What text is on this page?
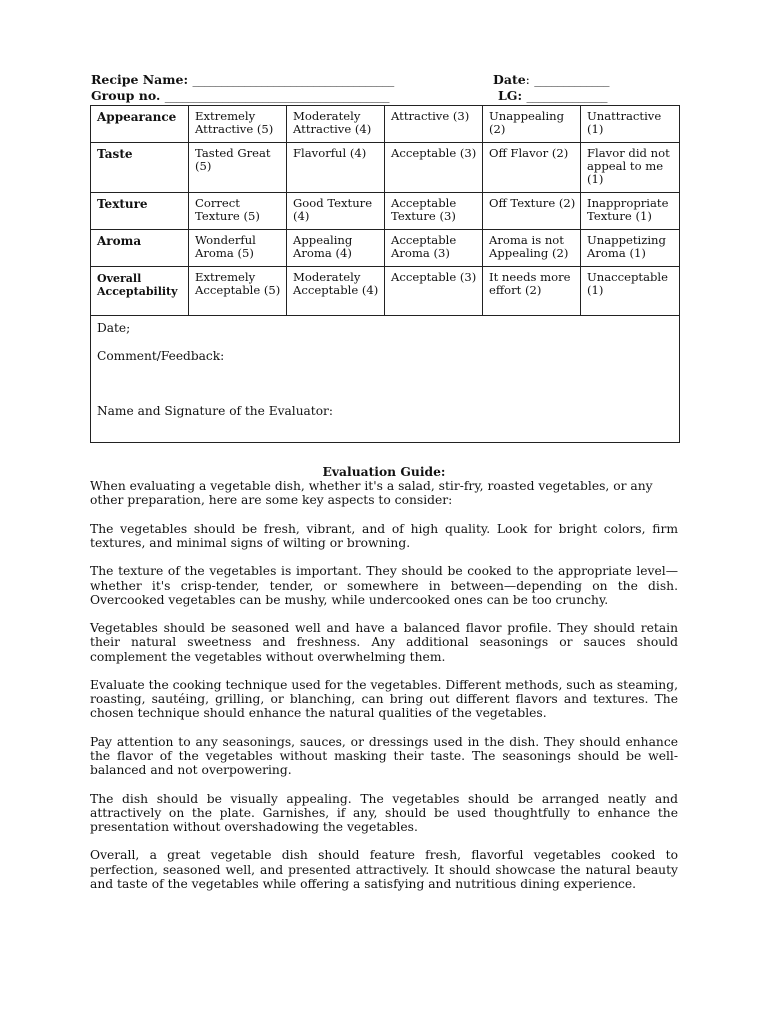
Recipe Name: ___________________________________	Date: _____________
Group no. _______________________________________	LG: ______________
Appearance	Extremely Attractive (5)	Moderately Attractive (4)	Attractive (3)	Unappealing (2)	Unattractive (1)
Taste	Tasted Great (5)	Flavorful (4)	Acceptable (3)	Off Flavor (2)	Flavor did not appeal to me (1)
Texture	Correct Texture (5)	Good Texture (4)	Acceptable Texture (3)	Off Texture (2)	Inappropriate Texture (1)
Aroma	Wonderful Aroma (5)	Appealing Aroma (4)	Acceptable Aroma (3)	Aroma is not Appealing (2)	Unappetizing Aroma (1)
Overall Acceptability	Extremely Acceptable (5)	Moderately Acceptable (4)	Acceptable (3)	It needs more effort (2)	Unacceptable (1)

Date;
Comment/Feedback:
Name and Signature of the Evaluator:					
Evaluation Guide:

When evaluating a vegetable dish, whether it's a salad, stir-fry, roasted vegetables, or any other preparation, here are some key aspects to consider:

The vegetables should be fresh, vibrant, and of high quality. Look for bright colors, firm textures, and minimal signs of wilting or browning.

The texture of the vegetables is important. They should be cooked to the appropriate level—whether it's crisp-tender, tender, or somewhere in between—depending on the dish. Overcooked vegetables can be mushy, while undercooked ones can be too crunchy.

Vegetables should be seasoned well and have a balanced flavor profile. They should retain their natural sweetness and freshness. Any additional seasonings or sauces should complement the vegetables without overwhelming them.

Evaluate the cooking technique used for the vegetables. Different methods, such as steaming, roasting, sautéing, grilling, or blanching, can bring out different flavors and textures. The chosen technique should enhance the natural qualities of the vegetables.

Pay attention to any seasonings, sauces, or dressings used in the dish. They should enhance the flavor of the vegetables without masking their taste. The seasonings should be well-balanced and not overpowering.

The dish should be visually appealing. The vegetables should be arranged neatly and attractively on the plate. Garnishes, if any, should be used thoughtfully to enhance the presentation without overshadowing the vegetables.

Overall, a great vegetable dish should feature fresh, flavorful vegetables cooked to perfection, seasoned well, and presented attractively. It should showcase the natural beauty and taste of the vegetables while offering a satisfying and nutritious dining experience.
